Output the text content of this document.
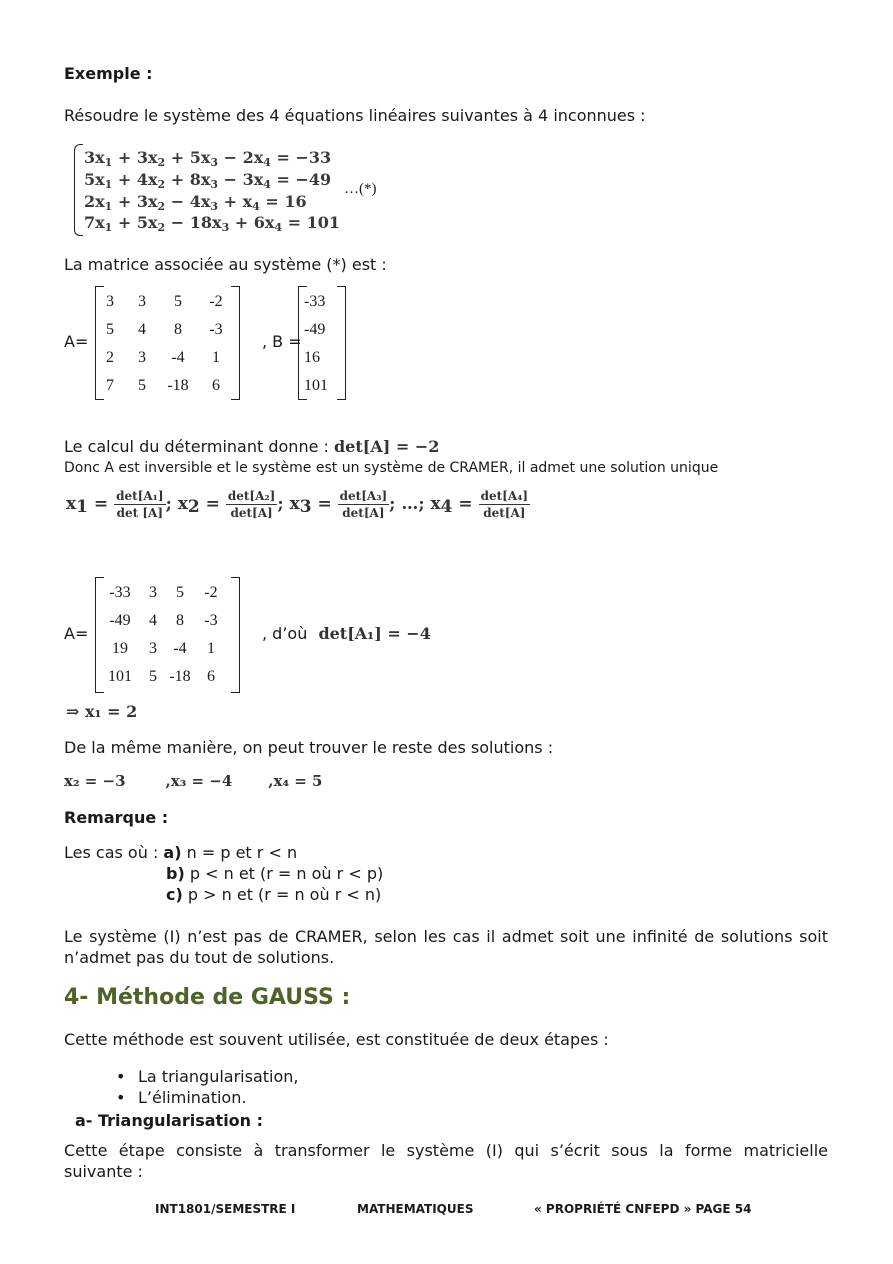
Exemple :
Résoudre le système des 4 équations linéaires suivantes à 4 inconnues :
$3x_1 + 3x_2 + 5x_3 - 2x_4 = -33$
$5x_1 + 4x_2 + 8x_3 - 3x_4 = -49$
$2x_1 + 3x_2 - 4x_3 + x_4 = 16$
$7x_1 + 5x_2 - 18x_3 + 6x_4 = 101$
…(*)
La matrice associée au système (*) est :
A=
3	3	5	-2
5	4	8	-3
2	3	-4	1
7	5	-18	6
, B =
-33
-49
16
101
Le calcul du déterminant donne : det[A] = −2
Donc A est inversible et le système est un système de CRAMER, il admet une solution unique
$x1 = \frac{\text{det[A₁]}}{\det [A]}$ ; $x2 = \frac{\text{det[A₂]}}{\det[A]}$ ; $x3 = \frac{\text{det[A₃]}}{\det[A]}$ ; …; $x4 = \frac{\text{det[A₄]}}{\det[A]}$
A=
-33	3	5	-2
-49	4	8	-3
19	3	-4	1
101	5	-18	6
, d’où det[A₁] = −4
⇒ x₁ = 2
De la même manière, on peut trouver le reste des solutions :
x₂ = −3	,x₃ = −4 ,x₄ = 5
Remarque :
Les cas où : a) n = p et r < n
b) p < n et (r = n où r < p)
c) p > n et (r = n où r < n)
Le système (I) n’est pas de CRAMER, selon les cas il admet soit une infinité de solutions soit
n’admet pas du tout de solutions.
4- Méthode de GAUSS :
Cette méthode est souvent utilisée, est constituée de deux étapes :
• La triangularisation,
• L’élimination.
a- Triangularisation :
Cette étape consiste à transformer le système (I) qui s’écrit sous la forme matricielle
suivante :
INT1801/SEMESTRE I	MATHEMATIQUES	« PROPRIÉTÉ CNFEPD » PAGE 54
